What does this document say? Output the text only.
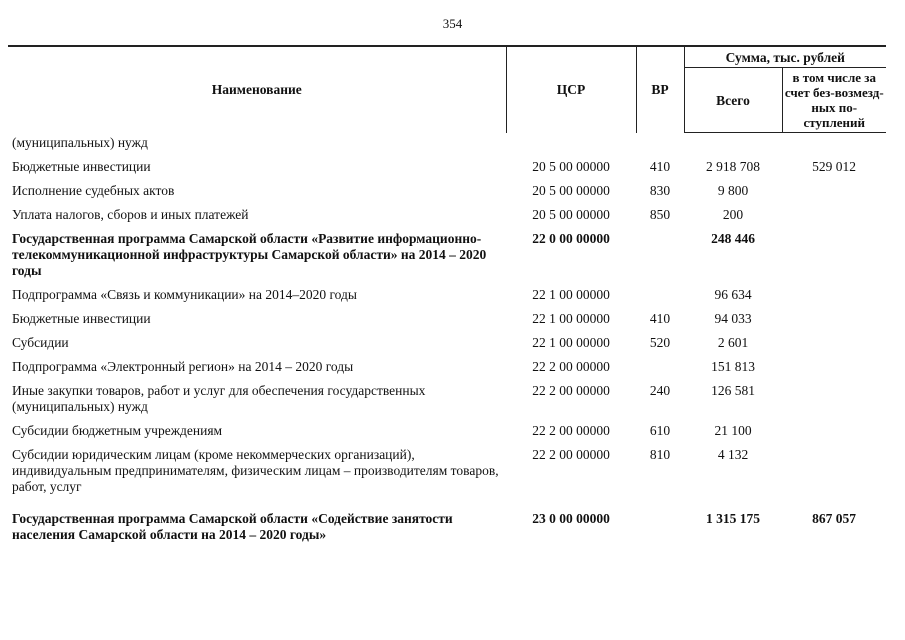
354
Наименование	ЦСР	ВР	Сумма, тыс. рублей	
			Всего	в том числе за счет без-возмезд-ных по-ступлений
(муниципальных) нужд				
Бюджетные инвестиции	20 5 00 00000	410	2 918 708	529 012
Исполнение судебных актов	20 5 00 00000	830	9 800	
Уплата налогов, сборов и иных платежей	20 5 00 00000	850	200	
Государственная программа Самарской области «Развитие информационно-телекоммуникационной инфраструктуры Самарской области» на 2014 – 2020 годы	22 0 00 00000		248 446	
Подпрограмма «Связь и коммуникации» на 2014–2020 годы	22 1 00 00000		96 634	
Бюджетные инвестиции	22 1 00 00000	410	94 033	
Субсидии	22 1 00 00000	520	2 601	
Подпрограмма «Электронный регион» на 2014 – 2020 годы	22 2 00 00000		151 813	
Иные закупки товаров, работ и услуг для обеспечения государственных (муниципальных) нужд	22 2 00 00000	240	126 581	
Субсидии бюджетным учреждениям	22 2 00 00000	610	21 100	
Субсидии юридическим лицам (кроме некоммерческих организаций), индивидуальным предпринимателям, физическим лицам – производителям товаров, работ, услуг	22 2 00 00000	810	4 132	
Государственная программа Самарской области «Содействие занятости населения Самарской области на 2014 – 2020 годы»	23 0 00 00000		1 315 175	867 057
